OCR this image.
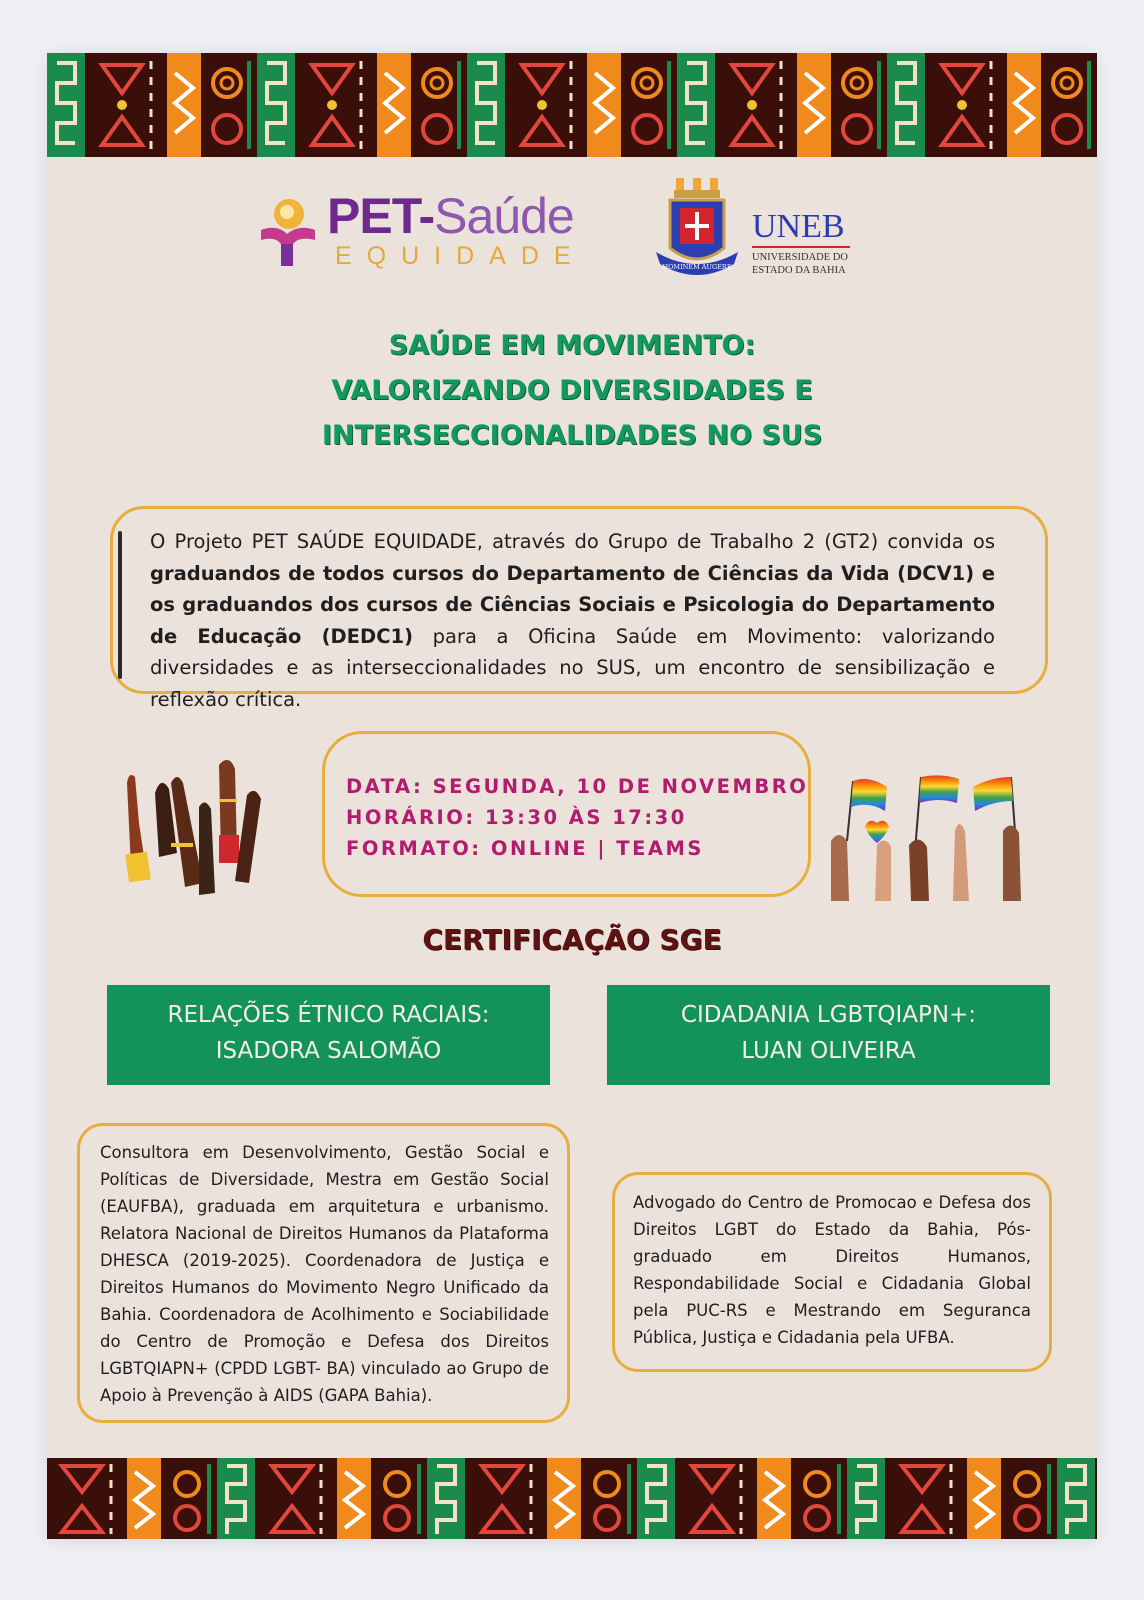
PET-Saúde
EQUIDADE	HOMINEM AUGERE
UNEB
UNIVERSIDADE DO
ESTADO DA BAHIA
SAÚDE EM MOVIMENTO:
VALORIZANDO DIVERSIDADES E
INTERSECCIONALIDADES NO SUS
O Projeto PET SAÚDE EQUIDADE, através do Grupo de Trabalho 2 (GT2) convida os graduandos de todos cursos do Departamento de Ciências da Vida (DCV1) e os graduandos dos cursos de Ciências Sociais e Psicologia do Departamento de Educação (DEDC1) para a Oficina Saúde em Movimento: valorizando diversidades e as interseccionalidades no SUS, um encontro de sensibilização e reflexão crítica.
DATA: SEGUNDA, 10 DE NOVEMBRO
HORÁRIO: 13:30 ÀS 17:30
FORMATO: ONLINE | TEAMS
CERTIFICAÇÃO SGE
RELAÇÕES ÉTNICO RACIAIS:
ISADORA SALOMÃO
CIDADANIA LGBTQIAPN+:
LUAN OLIVEIRA
Consultora em Desenvolvimento, Gestão Social e Políticas de Diversidade, Mestra em Gestão Social (EAUFBA), graduada em arquitetura e urbanismo. Relatora Nacional de Direitos Humanos da Plataforma DHESCA (2019-2025). Coordenadora de Justiça e Direitos Humanos do Movimento Negro Unificado da Bahia. Coordenadora de Acolhimento e Sociabilidade do Centro de Promoção e Defesa dos Direitos LGBTQIAPN+ (CPDD LGBT- BA) vinculado ao Grupo de Apoio à Prevenção à AIDS (GAPA Bahia).
Advogado do Centro de Promocao e Defesa dos Direitos LGBT do Estado da Bahia, Pós-graduado em Direitos Humanos, Respondabilidade Social e Cidadania Global pela PUC-RS e Mestrando em Seguranca Pública, Justiça e Cidadania pela UFBA.
